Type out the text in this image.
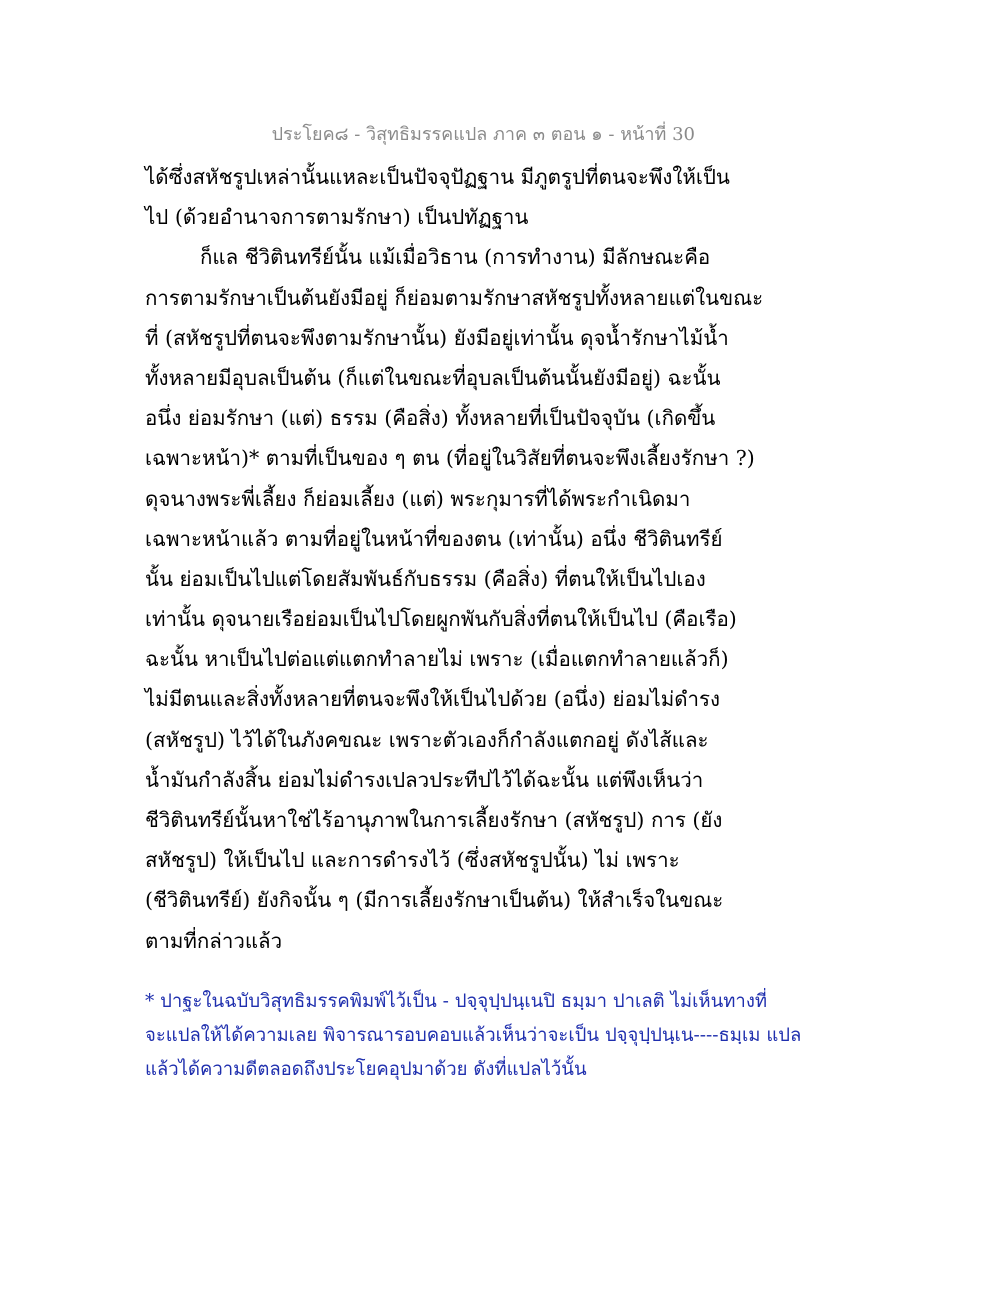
ประโยค๘ - วิสุทธิมรรคแปล ภาค ๓ ตอน ๑ - หน้าที่ 30
ได้ซึ่งสหัชรูปเหล่านั้นแหละเป็นปัจจุปัฏฐาน มีภูตรูปที่ตนจะพึงให้เป็น
ไป (ด้วยอำนาจการตามรักษา) เป็นปทัฏฐาน
ก็แล ชีวิตินทรีย์นั้น แม้เมื่อวิธาน (การทำงาน) มีลักษณะคือ
การตามรักษาเป็นต้นยังมีอยู่ ก็ย่อมตามรักษาสหัชรูปทั้งหลายแต่ในขณะ
ที่ (สหัชรูปที่ตนจะพึงตามรักษานั้น) ยังมีอยู่เท่านั้น ดุจน้ำรักษาไม้น้ำ
ทั้งหลายมีอุบลเป็นต้น (ก็แต่ในขณะที่อุบลเป็นต้นนั้นยังมีอยู่) ฉะนั้น
อนึ่ง ย่อมรักษา (แต่) ธรรม (คือสิ่ง) ทั้งหลายที่เป็นปัจจุบัน (เกิดขึ้น
เฉพาะหน้า)* ตามที่เป็นของ ๆ ตน (ที่อยู่ในวิสัยที่ตนจะพึงเลี้ยงรักษา ?)
ดุจนางพระพี่เลี้ยง ก็ย่อมเลี้ยง (แต่) พระกุมารที่ได้พระกำเนิดมา
เฉพาะหน้าแล้ว ตามที่อยู่ในหน้าที่ของตน (เท่านั้น) อนึ่ง ชีวิตินทรีย์
นั้น ย่อมเป็นไปแต่โดยสัมพันธ์กับธรรม (คือสิ่ง) ที่ตนให้เป็นไปเอง
เท่านั้น ดุจนายเรือย่อมเป็นไปโดยผูกพันกับสิ่งที่ตนให้เป็นไป (คือเรือ)
ฉะนั้น หาเป็นไปต่อแต่แตกทำลายไม่ เพราะ (เมื่อแตกทำลายแล้วก็)
ไม่มีตนและสิ่งทั้งหลายที่ตนจะพึงให้เป็นไปด้วย (อนึ่ง) ย่อมไม่ดำรง
(สหัชรูป) ไว้ได้ในภังคขณะ เพราะตัวเองก็กำลังแตกอยู่ ดังไส้และ
น้ำมันกำลังสิ้น ย่อมไม่ดำรงเปลวประทีปไว้ได้ฉะนั้น แต่พึงเห็นว่า
ชีวิตินทรีย์นั้นหาใช่ไร้อานุภาพในการเลี้ยงรักษา (สหัชรูป) การ (ยัง
สหัชรูป) ให้เป็นไป และการดำรงไว้ (ซึ่งสหัชรูปนั้น) ไม่ เพราะ
(ชีวิตินทรีย์) ยังกิจนั้น ๆ (มีการเลี้ยงรักษาเป็นต้น) ให้สำเร็จในขณะ
ตามที่กล่าวแล้ว
* ปาฐะในฉบับวิสุทธิมรรคพิมพ์ไว้เป็น - ปจฺจุปฺปนฺเนปิ ธมฺมา ปาเลติ ไม่เห็นทางที่
จะแปลให้ได้ความเลย พิจารณารอบคอบแล้วเห็นว่าจะเป็น ปจฺจุปฺปนฺเน----ธมฺเม แปล
แล้วได้ความดีตลอดถึงประโยคอุปมาด้วย ดังที่แปลไว้นั้น
